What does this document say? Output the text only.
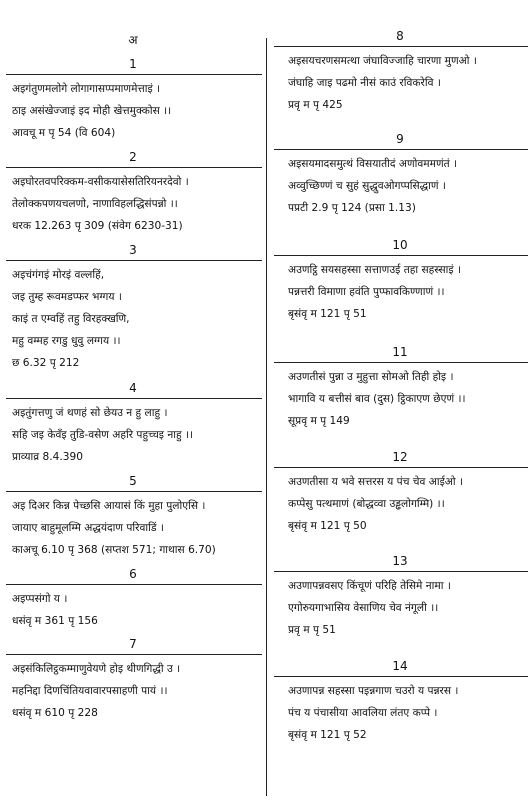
अ
1
अइगंतुणमलोगे लोगागासप्पमाणमेत्ताइं ।
ठाइ असंखेज्जाइं इद मोही खेत्तमुक्कोस ।।
आवचू म पृ 54 (वि 604)
2
अइघोरतवपरिक्कम-वसीकयासेसतिरियनरदेवो ।
तेलोक्कपणयचलणो, नाणाविहलद्धिसंपन्नो ।।
धरक 12.263 पृ 309 (संवेग 6230-31)
3
अइचंगंगइं मोरइं वल्लहिं,
जइ तुम्ह रूवमडप्फर भग्गय ।
काइं त एम्वहिं तहु विरहक्खणि,
महु वम्मह रगडु धुवु लग्गय ।।
छ 6.32 पृ 212
4
अइतुंगत्तणु जं थणहं सो छेयउ न हु लाहु ।
सहि जइ केवँइ तुडि-वसेण अहरि पहुच्चइ नाहु ।।
प्राव्याव्र 8.4.390
5
अइ दिअर किन्न पेच्छसि आयासं किं मुहा पुलोएसि ।
जायाए बाहुमूलम्मि अद्धयंदाण परिवाडिं ।
काअचू 6.10 पृ 368 (सप्तश 571; गाथास 6.70)
6
अइप्पसंगो य ।
धसंवृ म 361 पृ 156
7
अइसंकिलिट्ठकम्माणुवेयणे होइ थीणगिद्धी उ ।
महनिद्दा दिणचिंतियवावारपसाहणी पायं ।।
धसंवृ म 610 पृ 228
8
अइसयचरणसमत्था जंघाविज्जाहि चारणा मुणओ ।
जंघाहि जाइ पढमो नीसं काउं रविकरेवि ।
प्रवृ म पृ 425
9
अइसयमादसमुत्थं विसयातीदं अणोवममणंतं ।
अव्वुच्छिण्णं च सुहं सुद्धुवओगप्पसिद्धाणं ।
पप्रटी 2.9 पृ 124 (प्रसा 1.13)
10
अउणट्ठि सयसहस्सा सत्ताणउई तहा सहस्साइं ।
पन्नत्तरी विमाणा हवंति पुप्फावकिण्णाणं ।।
बृसंवृ म 121 पृ 51
11
अउणतीसं पुन्ना उ मुहुत्ता सोमओ तिही होइ ।
भागावि य बत्तीसं बाव (दुस) ट्ठिकाएण छेएणं ।।
सूप्रवृ म पृ 149
12
अउणतीसा य भवे सत्तरस य पंच चेव आईओ ।
कप्पेसु पत्थमाणं (बोद्धव्वा उड्ढलोगम्मि) ।।
बृसंवृ म 121 पृ 50
13
अउणापन्नवसए किंचूणं परिहि तेसिमे नामा ।
एगोरुयगाभासिय वेसाणिय चेव नंगूली ।।
प्रवृ म पृ 51
14
अउणापन्न सहस्सा पइन्नगाण चउरो य पन्नरस ।
पंच य पंचासीया आवलिया लंतए कप्पे ।
बृसंवृ म 121 पृ 52
